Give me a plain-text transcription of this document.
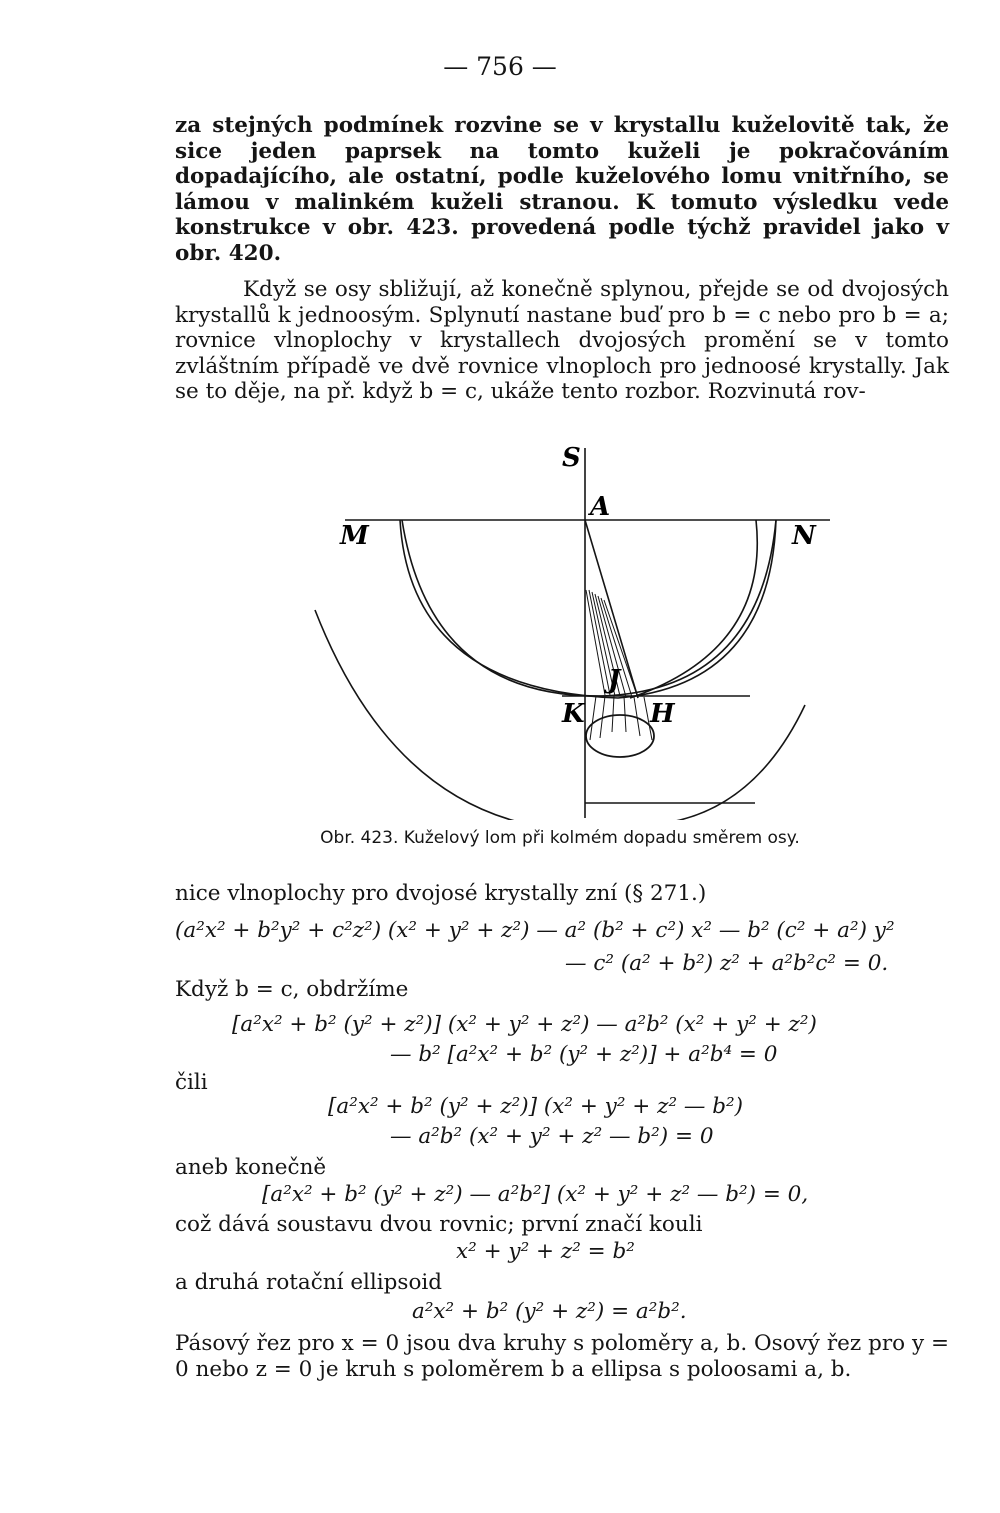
— 756 —

za stejných podmínek rozvine se v krystallu kuželovitě tak, že sice jeden paprsek na tomto kuželi je pokračováním dopadajícího, ale ostatní, podle kuželového lomu vnitřního, se lámou v malinkém kuželi stranou. K tomuto výsledku vede konstrukce v obr. 423. provedená podle týchž pravidel jako v obr. 420.

Když se osy sbližují, až konečně splynou, přejde se od dvojosých krystallů k jednoosým. Splynutí nastane buď pro b = c nebo pro b = a; rovnice vlnoplochy v krystallech dvojosých promění se v tomto zvláštním případě ve dvě rovnice vlnoploch pro jednoosé krystally. Jak se to děje, na př. když b = c, ukáže tento rozbor. Rozvinutá rov-

S
A
M	N
J
K	H
Obr. 423. Kuželový lom při kolmém dopadu směrem osy.
nice vlnoplochy pro dvojosé krystally zní (§ 271.)
(a²x² + b²y² + c²z²) (x² + y² + z²) — a² (b² + c²) x² — b² (c² + a²) y²
— c² (a² + b²) z² + a²b²c² = 0.
Když b = c, obdržíme
[a²x² + b² (y² + z²)] (x² + y² + z²) — a²b² (x² + y² + z²)
— b² [a²x² + b² (y² + z²)] + a²b⁴ = 0
čili
[a²x² + b² (y² + z²)] (x² + y² + z² — b²)
— a²b² (x² + y² + z² — b²) = 0
aneb konečně
[a²x² + b² (y² + z²) — a²b²] (x² + y² + z² — b²) = 0,
což dává soustavu dvou rovnic; první značí kouli
x² + y² + z² = b²
a druhá rotační ellipsoid
a²x² + b² (y² + z²) = a²b².

Pásový řez pro x = 0 jsou dva kruhy s poloměry a, b. Osový řez pro y = 0 nebo z = 0 je kruh s poloměrem b a ellipsa s poloosami a, b.
